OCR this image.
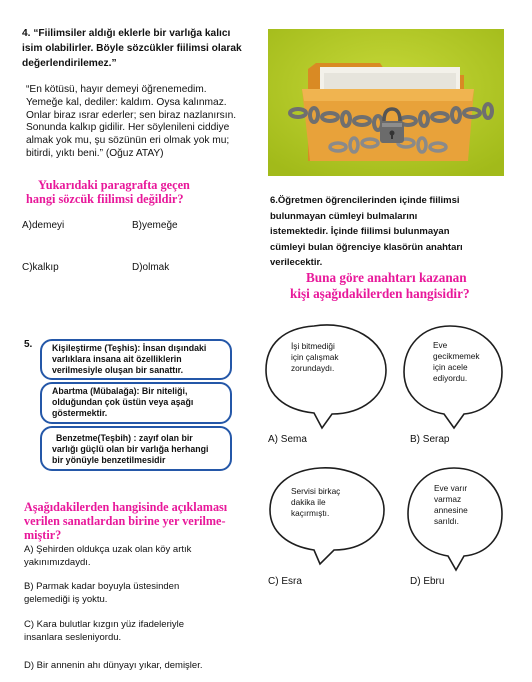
4. “Fiilimsiler aldığı eklerle bir varlığa kalıcı
isim olabilirler. Böyle sözcükler fiilimsi olarak
değerlendirilemez.”
“En kötüsü, hayır demeyi öğrenemedim.
Yemeğe kal, dediler: kaldım. Oysa kalınmaz.
Onlar biraz ısrar ederler; sen biraz nazlanırsın.
Sonunda kalkıp gidilir. Her söylenileni ciddiye
almak yok mu, şu sözünün eri olmak yok mu;
bitirdi, yıktı beni.” (Oğuz ATAY)
Yukarıdaki paragrafta geçen
hangi sözcük fiilimsi değildir?
A)demeyi	B)yemeğe
C)kalkıp	D)olmak
6.Öğretmen öğrencilerinden içinde fiilimsi
bulunmayan cümleyi bulmalarını
istemektedir. İçinde fiilimsi bulunmayan
cümleyi bulan öğrenciye klasörün anahtarı
verilecektir.
Buna göre anahtarı kazanan
kişi aşağıdakilerden hangisidir?
İşi bitmediği
için çalışmak
zorundaydı.
Eve
gecikmemek
için acele
ediyordu.
Servisi birkaç
dakika ile
kaçırmıştı.
Eve varır
varmaz
annesine
sarıldı.
A) Sema	B) Serap
C) Esra	D) Ebru
5. Kişileştirme (Teşhis): İnsan dışındaki
varlıklara insana ait özelliklerin
verilmesiyle oluşan bir sanattır.
Abartma (Mübalağa): Bir niteliği,
olduğundan çok üstün veya aşağı
göstermektir.
Benzetme(Teşbih) : zayıf olan bir
varlığı güçlü olan bir varlığa herhangi
bir yönüyle benzetilmesidir
Aşağıdakilerden hangisinde açıklaması
verilen sanatlardan birine yer verilme-
miştir?
A) Şehirden oldukça uzak olan köy artık
yakınımızdaydı.
B) Parmak kadar boyuyla üstesinden
gelemediği iş yoktu.
C) Kara bulutlar kızgın yüz ifadeleriyle
insanlara sesleniyordu.
D) Bir annenin ahı dünyayı yıkar, demişler.
